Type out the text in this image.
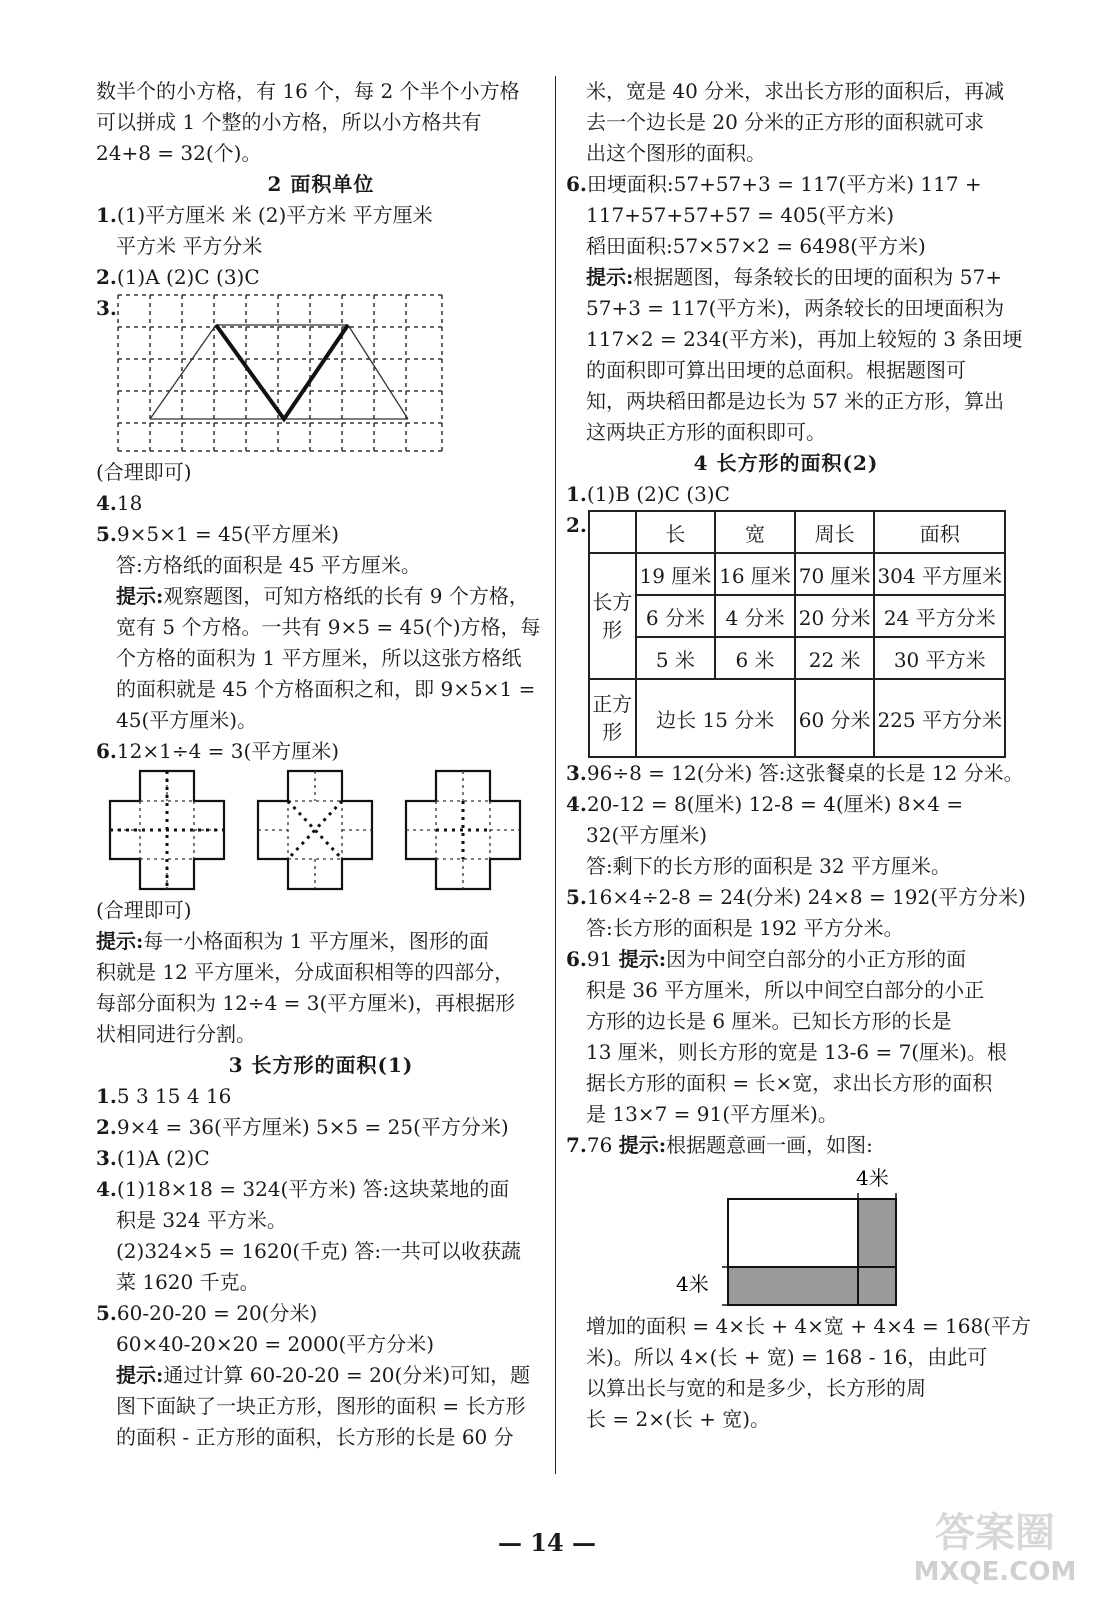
数半个的小方格，有 16 个，每 2 个半个小方格

可以拼成 1 个整的小方格，所以小方格共有

24+8 = 32(个)。

2 面积单位

1.(1)平方厘米 米 (2)平方米 平方厘米

平方米 平方分米

2.(1)A (2)C (3)C

3.

(合理即可)

4.18

5.9×5×1 = 45(平方厘米)

答:方格纸的面积是 45 平方厘米。

提示:观察题图，可知方格纸的长有 9 个方格，

宽有 5 个方格。一共有 9×5 = 45(个)方格，每

个方格的面积为 1 平方厘米，所以这张方格纸

的面积就是 45 个方格面积之和，即 9×5×1 =

45(平方厘米)。

6.12×1÷4 = 3(平方厘米)

(合理即可)

提示:每一小格面积为 1 平方厘米，图形的面

积就是 12 平方厘米，分成面积相等的四部分，

每部分面积为 12÷4 = 3(平方厘米)，再根据形

状相同进行分割。

3 长方形的面积(1)

1.5 3 15 4 16

2.9×4 = 36(平方厘米) 5×5 = 25(平方分米)

3.(1)A (2)C

4.(1)18×18 = 324(平方米) 答:这块菜地的面

积是 324 平方米。

(2)324×5 = 1620(千克) 答:一共可以收获蔬

菜 1620 千克。

5.60-20-20 = 20(分米)

60×40-20×20 = 2000(平方分米)

提示:通过计算 60-20-20 = 20(分米)可知，题

图下面缺了一块正方形，图形的面积 = 长方形

的面积 - 正方形的面积，长方形的长是 60 分

米，宽是 40 分米，求出长方形的面积后，再减

去一个边长是 20 分米的正方形的面积就可求

出这个图形的面积。

6.田埂面积:57+57+3 = 117(平方米) 117 +

117+57+57+57 = 405(平方米)

稻田面积:57×57×2 = 6498(平方米)

提示:根据题图，每条较长的田埂的面积为 57+

57+3 = 117(平方米)，两条较长的田埂面积为

117×2 = 234(平方米)，再加上较短的 3 条田埂

的面积即可算出田埂的总面积。根据题图可

知，两块稻田都是边长为 57 米的正方形，算出

这两块正方形的面积即可。

4 长方形的面积(2)

1.(1)B (2)C (3)C

2.
		长	宽	周长	面积
长方
形	19 厘米	16 厘米	70 厘米	304 平方厘米
	6 分米	4 分米	20 分米	24 平方分米
	5 米	6 米	22 米	30 平方米
正方
形	边长 15 分米		60 分米	225 平方分米

3.96÷8 = 12(分米) 答:这张餐桌的长是 12 分米。

4.20-12 = 8(厘米) 12-8 = 4(厘米) 8×4 =

32(平方厘米)

答:剩下的长方形的面积是 32 平方厘米。

5.16×4÷2-8 = 24(分米) 24×8 = 192(平方分米)

答:长方形的面积是 192 平方分米。

6.91 提示:因为中间空白部分的小正方形的面

积是 36 平方厘米，所以中间空白部分的小正

方形的边长是 6 厘米。已知长方形的长是

13 厘米，则长方形的宽是 13-6 = 7(厘米)。根

据长方形的面积 = 长×宽，求出长方形的面积

是 13×7 = 91(平方厘米)。

7.76 提示:根据题意画一画，如图:

4米
4米

增加的面积 = 4×长 + 4×宽 + 4×4 = 168(平方

米)。所以 4×(长 + 宽) = 168 - 16，由此可

以算出长与宽的和是多少，长方形的周

长 = 2×(长 + 宽)。

— 14 —	答案圈
MXQE.COM
